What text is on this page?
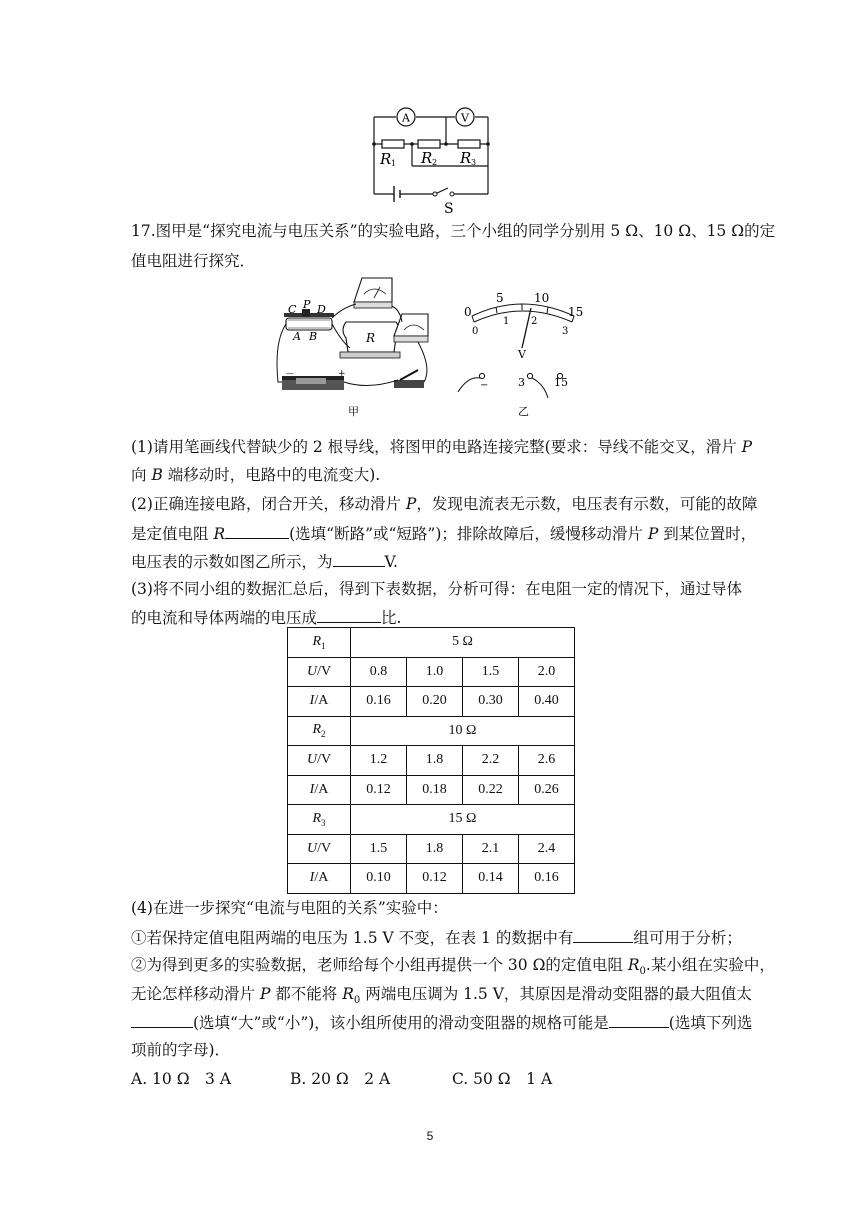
A	V
R 1 R 2 R 3
S
17.图甲是“探究电流与电压关系”的实验电路，三个小组的同学分别用 5 Ω、10 Ω、15 Ω的定
值电阻进行探究．
C P D
A B	R
+
—
甲
0
5	10
15
0
1 2
3
V
−	3	15
乙
(1)请用笔画线代替缺少的 2 根导线，将图甲的电路连接完整(要求：导线不能交叉，滑片 P
向 B 端移动时，电路中的电流变大).
(2)正确连接电路，闭合开关，移动滑片 P，发现电流表无示数，电压表有示数，可能的故障
是定值电阻 R	(选填“断路”或“短路”)；排除故障后，缓慢移动滑片 P 到某位置时，
电压表的示数如图乙所示，为	V.
(3)将不同小组的数据汇总后，得到下表数据，分析可得：在电阻一定的情况下，通过导体
的电流和导体两端的电压成	比.
$R_1$	5 Ω			
U/V	0.8	1.0	1.5	2.0
I/A	0.16	0.20	0.30	0.40
$R_2$	10 Ω			
U/V	1.2	1.8	2.2	2.6
I/A	0.12	0.18	0.22	0.26
$R_3$	15 Ω			
U/V	1.5	1.8	2.1	2.4
I/A	0.10	0.12	0.14	0.16
(4)在进一步探究“电流与电阻的关系”实验中：
①若保持定值电阻两端的电压为 1.5 V 不变，在表 1 的数据中有	组可用于分析；
②为得到更多的实验数据，老师给每个小组再提供一个 30 Ω的定值电阻 $R_0$.某小组在实验中，
无论怎样移动滑片 P 都不能将 $R_0$ 两端电压调为 1.5 V，其原因是滑动变阻器的最大阻值太
(选填“大”或“小”)，该小组所使用的滑动变阻器的规格可能是	(选填下列选
项前的字母)．
A. 10 Ω　3 A	B. 20 Ω　2 A	C. 50 Ω　1 A
5
